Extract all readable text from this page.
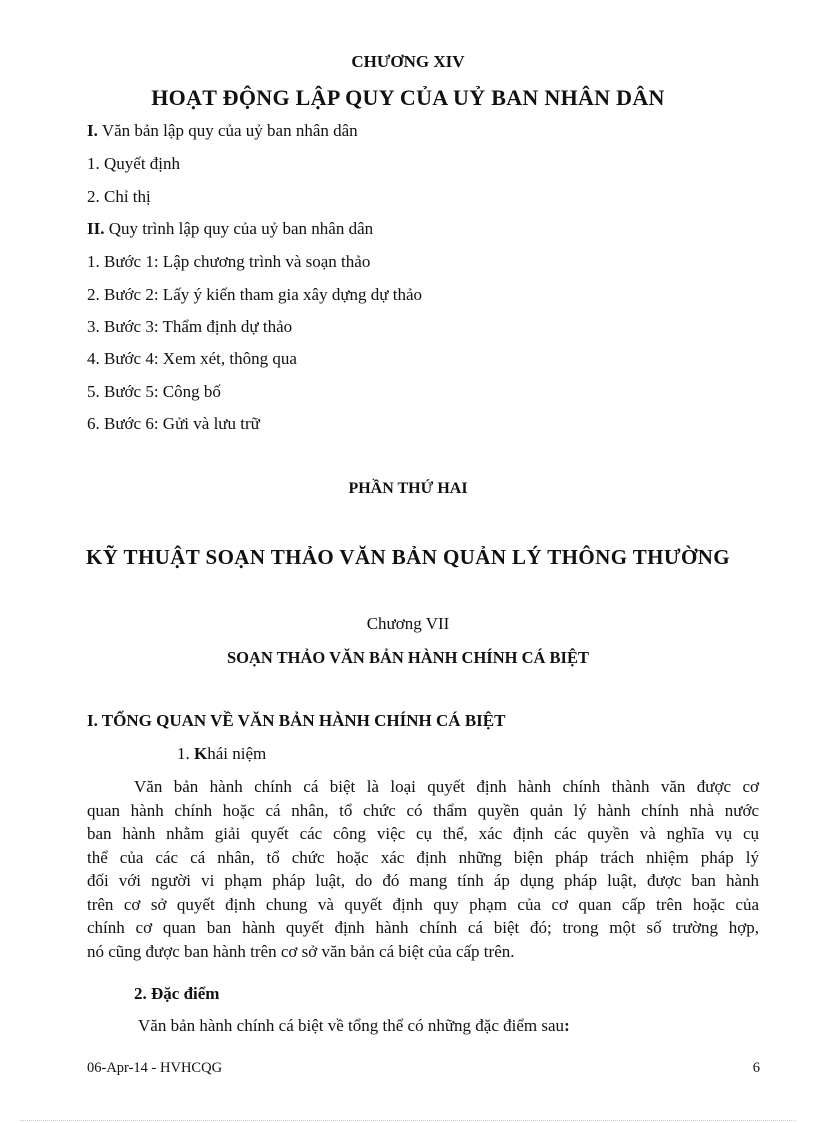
CHƯƠNG XIV
HOẠT ĐỘNG LẬP QUY CỦA UỶ BAN NHÂN DÂN
I. Văn bản lập quy của uỷ ban nhân dân
1. Quyết định
2. Chỉ thị
II. Quy trình lập quy của uỷ ban nhân dân
1. Bước 1: Lập chương trình và soạn thảo
2. Bước 2: Lấy ý kiến tham gia xây dựng dự thảo
3. Bước 3: Thẩm định dự thảo
4. Bước 4: Xem xét, thông qua
5. Bước 5: Công bố
6. Bước 6: Gửi và lưu trữ
PHẦN THỨ HAI
KỸ THUẬT SOẠN THẢO VĂN BẢN QUẢN LÝ THÔNG THƯỜNG
Chương VII
SOẠN THẢO VĂN BẢN HÀNH CHÍNH CÁ BIỆT
I. TỔNG QUAN VỀ VĂN BẢN HÀNH CHÍNH CÁ BIỆT
1. Khái niệm
Văn bản hành chính cá biệt là loại quyết định hành chính thành văn được cơ
quan hành chính hoặc cá nhân, tổ chức có thẩm quyền quản lý hành chính nhà nước
ban hành nhằm giải quyết các công việc cụ thể, xác định các quyền và nghĩa vụ cụ
thể của các cá nhân, tổ chức hoặc xác định những biện pháp trách nhiệm pháp lý
đối với người vi phạm pháp luật, do đó mang tính áp dụng pháp luật, được ban hành
trên cơ sở quyết định chung và quyết định quy phạm của cơ quan cấp trên hoặc của
chính cơ quan ban hành quyết định hành chính cá biệt đó; trong một số trường hợp,
nó cũng được ban hành trên cơ sở văn bản cá biệt của cấp trên.
2. Đặc điểm
Văn bản hành chính cá biệt về tổng thể có những đặc điểm sau:
06-Apr-14 - HVHCQG	6
